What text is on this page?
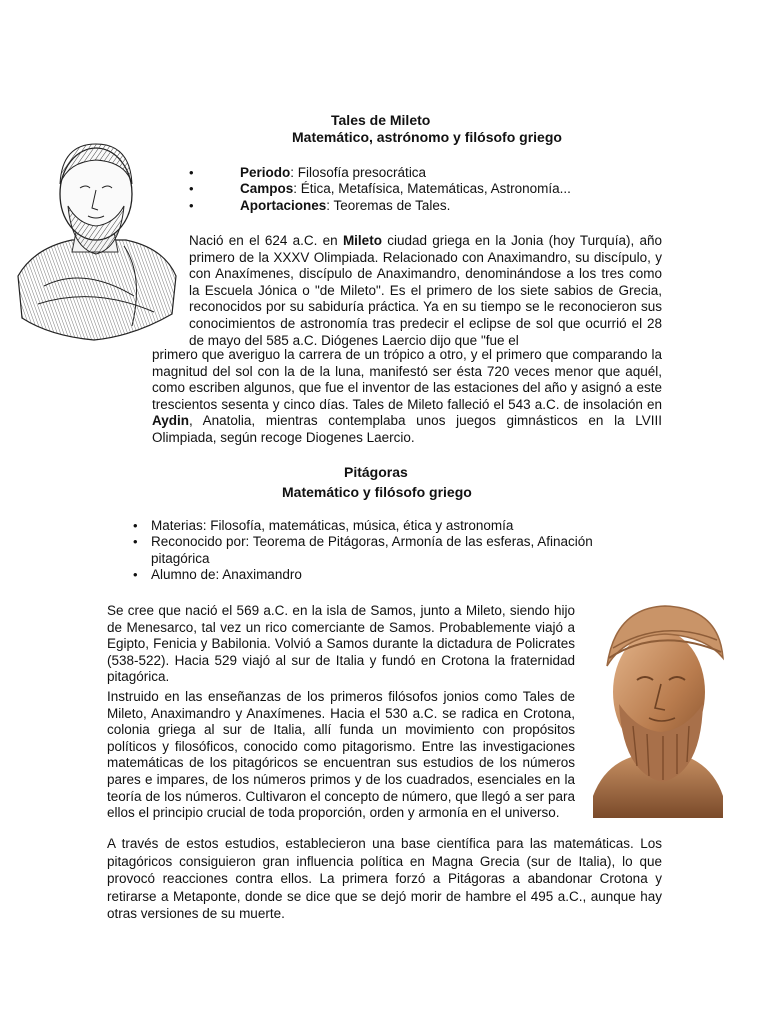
Tales de Mileto
Matemático, astrónomo y filósofo griego
• Periodo: Filosofía presocrática
• Campos: Ética, Metafísica, Matemáticas, Astronomía...
• Aportaciones: Teoremas de Tales.
Nació en el 624 a.C. en Mileto ciudad griega en la Jonia (hoy Turquía), año primero de la XXXV Olimpiada. Relacionado con Anaximandro, su discípulo, y con Anaxímenes, discípulo de Anaximandro, denominándose a los tres como la Escuela Jónica o "de Mileto". Es el primero de los siete sabios de Grecia, reconocidos por su sabiduría práctica. Ya en su tiempo se le reconocieron sus conocimientos de astronomía tras predecir el eclipse de sol que ocurrió el 28 de mayo del 585 a.C. Diógenes Laercio dijo que "fue el
primero que averiguo la carrera de un trópico a otro, y el primero que comparando la magnitud del sol con la de la luna, manifestó ser ésta 720 veces menor que aquél, como escriben algunos, que fue el inventor de las estaciones del año y asignó a este trescientos sesenta y cinco días. Tales de Mileto falleció el 543 a.C. de insolación en Aydin, Anatolia, mientras contemplaba unos juegos gimnásticos en la LVIII Olimpiada, según recoge Diogenes Laercio.
Pitágoras
Matemático y filósofo griego
• Materias: Filosofía, matemáticas, música, ética y astronomía
• Reconocido por: Teorema de Pitágoras, Armonía de las esferas, Afinación pitagórica
• Alumno de: Anaximandro
Se cree que nació el 569 a.C. en la isla de Samos, junto a Mileto, siendo hijo de Menesarco, tal vez un rico comerciante de Samos. Probablemente viajó a Egipto, Fenicia y Babilonia. Volvió a Samos durante la dictadura de Policrates (538-522). Hacia 529 viajó al sur de Italia y fundó en Crotona la fraternidad pitagórica.
Instruido en las enseñanzas de los primeros filósofos jonios como Tales de Mileto, Anaximandro y Anaxímenes. Hacia el 530 a.C. se radica en Crotona, colonia griega al sur de Italia, allí funda un movimiento con propósitos políticos y filosóficos, conocido como pitagorismo. Entre las investigaciones matemáticas de los pitagóricos se encuentran sus estudios de los números pares e impares, de los números primos y de los cuadrados, esenciales en la teoría de los números. Cultivaron el concepto de número, que llegó a ser para ellos el principio crucial de toda proporción, orden y armonía en el universo.
A través de estos estudios, establecieron una base científica para las matemáticas. Los pitagóricos consiguieron gran influencia política en Magna Grecia (sur de Italia), lo que provocó reacciones contra ellos. La primera forzó a Pitágoras a abandonar Crotona y retirarse a Metaponte, donde se dice que se dejó morir de hambre el 495 a.C., aunque hay otras versiones de su muerte.
